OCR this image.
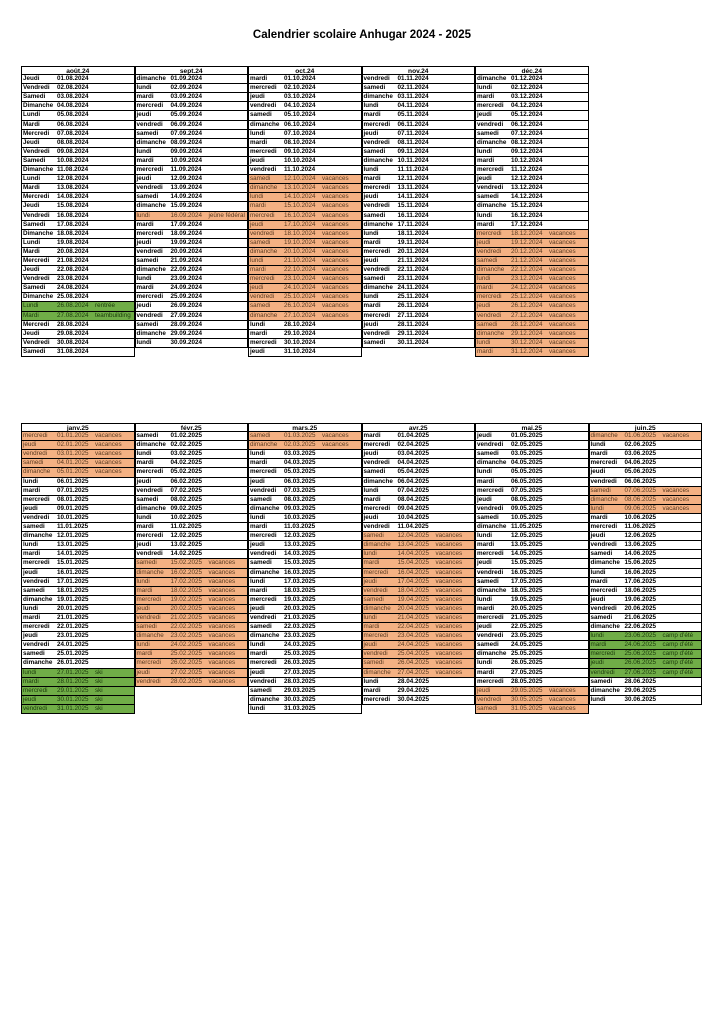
Calendrier scolaire Anhugar 2024 - 2025
août.24
Jeudi	01.08.2024
Vendredi	02.08.2024
Samedi	03.08.2024
Dimanche 04.08.2024
Lundi	05.08.2024
Mardi	06.08.2024
Mercredi	07.08.2024
Jeudi	08.08.2024
Vendredi	09.08.2024
Samedi	10.08.2024
Dimanche 11.08.2024
Lundi	12.08.2024
Mardi	13.08.2024
Mercredi	14.08.2024
Jeudi	15.08.2024
Vendredi	16.08.2024
Samedi	17.08.2024
Dimanche 18.08.2024
Lundi	19.08.2024
Mardi	20.08.2024
Mercredi	21.08.2024
Jeudi	22.08.2024
Vendredi	23.08.2024
Samedi	24.08.2024
Dimanche 25.08.2024
Lundi	26.08.2024	rentrée
Mardi	27.08.2024	teambuilding
Mercredi	28.08.2024
Jeudi	29.08.2024
Vendredi	30.08.2024
Samedi	31.08.2024
sept.24
dimanche 01.09.2024
lundi	02.09.2024
mardi	03.09.2024
mercredi	04.09.2024
jeudi	05.09.2024
vendredi	06.09.2024
samedi	07.09.2024
dimanche 08.09.2024
lundi	09.09.2024
mardi	10.09.2024
mercredi	11.09.2024
jeudi	12.09.2024
vendredi	13.09.2024
samedi	14.09.2024
dimanche 15.09.2024
lundi	16.09.2024	jeûne fédéral
mardi	17.09.2024
mercredi	18.09.2024
jeudi	19.09.2024
vendredi	20.09.2024
samedi	21.09.2024
dimanche 22.09.2024
lundi	23.09.2024
mardi	24.09.2024
mercredi	25.09.2024
jeudi	26.09.2024
vendredi	27.09.2024
samedi	28.09.2024
dimanche 29.09.2024
lundi	30.09.2024
oct.24
mardi	01.10.2024
mercredi	02.10.2024
jeudi	03.10.2024
vendredi	04.10.2024
samedi	05.10.2024
dimanche 06.10.2024
lundi	07.10.2024
mardi	08.10.2024
mercredi	09.10.2024
jeudi	10.10.2024
vendredi	11.10.2024
samedi	12.10.2024	vacances
dimanche	13.10.2024	vacances
lundi	14.10.2024	vacances
mardi	15.10.2024	vacances
mercredi	16.10.2024	vacances
jeudi	17.10.2024	vacances
vendredi	18.10.2024	vacances
samedi	19.10.2024	vacances
dimanche	20.10.2024	vacances
lundi	21.10.2024	vacances
mardi	22.10.2024	vacances
mercredi	23.10.2024	vacances
jeudi	24.10.2024	vacances
vendredi	25.10.2024	vacances
samedi	26.10.2024	vacances
dimanche	27.10.2024	vacances
lundi	28.10.2024
mardi	29.10.2024
mercredi	30.10.2024
jeudi	31.10.2024
nov.24
vendredi	01.11.2024
samedi	02.11.2024
dimanche 03.11.2024
lundi	04.11.2024
mardi	05.11.2024
mercredi	06.11.2024
jeudi	07.11.2024
vendredi	08.11.2024
samedi	09.11.2024
dimanche 10.11.2024
lundi	11.11.2024
mardi	12.11.2024
mercredi	13.11.2024
jeudi	14.11.2024
vendredi	15.11.2024
samedi	16.11.2024
dimanche 17.11.2024
lundi	18.11.2024
mardi	19.11.2024
mercredi	20.11.2024
jeudi	21.11.2024
vendredi	22.11.2024
samedi	23.11.2024
dimanche 24.11.2024
lundi	25.11.2024
mardi	26.11.2024
mercredi	27.11.2024
jeudi	28.11.2024
vendredi	29.11.2024
samedi	30.11.2024
déc.24
dimanche 01.12.2024
lundi	02.12.2024
mardi	03.12.2024
mercredi	04.12.2024
jeudi	05.12.2024
vendredi	06.12.2024
samedi	07.12.2024
dimanche 08.12.2024
lundi	09.12.2024
mardi	10.12.2024
mercredi	11.12.2024
jeudi	12.12.2024
vendredi	13.12.2024
samedi	14.12.2024
dimanche 15.12.2024
lundi	16.12.2024
mardi	17.12.2024
mercredi	18.12.2024	vacances
jeudi	19.12.2024	vacances
vendredi	20.12.2024	vacances
samedi	21.12.2024	vacances
dimanche	22.12.2024	vacances
lundi	23.12.2024	vacances
mardi	24.12.2024	vacances
mercredi	25.12.2024	vacances
jeudi	26.12.2024	vacances
vendredi	27.12.2024	vacances
samedi	28.12.2024	vacances
dimanche	29.12.2024	vacances
lundi	30.12.2024	vacances
mardi	31.12.2024	vacances
janv.25
mercredi	01.01.2025	vacances
jeudi	02.01.2025	vacances
vendredi	03.01.2025	vacances
samedi	04.01.2025	vacances
dimanche	05.01.2025	vacances
lundi	06.01.2025
mardi	07.01.2025
mercredi	08.01.2025
jeudi	09.01.2025
vendredi	10.01.2025
samedi	11.01.2025
dimanche 12.01.2025
lundi	13.01.2025
mardi	14.01.2025
mercredi	15.01.2025
jeudi	16.01.2025
vendredi	17.01.2025
samedi	18.01.2025
dimanche 19.01.2025
lundi	20.01.2025
mardi	21.01.2025
mercredi	22.01.2025
jeudi	23.01.2025
vendredi	24.01.2025
samedi	25.01.2025
dimanche 26.01.2025
lundi	27.01.2025	ski
mardi	28.01.2025	ski
mercredi	29.01.2025	ski
jeudi	30.01.2025	ski
vendredi	31.01.2025	ski
févr.25
samedi	01.02.2025
dimanche 02.02.2025
lundi	03.02.2025
mardi	04.02.2025
mercredi	05.02.2025
jeudi	06.02.2025
vendredi	07.02.2025
samedi	08.02.2025
dimanche 09.02.2025
lundi	10.02.2025
mardi	11.02.2025
mercredi	12.02.2025
jeudi	13.02.2025
vendredi	14.02.2025
samedi	15.02.2025	vacances
dimanche	16.02.2025	vacances
lundi	17.02.2025	vacances
mardi	18.02.2025	vacances
mercredi	19.02.2025	vacances
jeudi	20.02.2025	vacances
vendredi	21.02.2025	vacances
samedi	22.02.2025	vacances
dimanche	23.02.2025	vacances
lundi	24.02.2025	vacances
mardi	25.02.2025	vacances
mercredi	26.02.2025	vacances
jeudi	27.02.2025	vacances
vendredi	28.02.2025	vacances
mars.25
samedi	01.03.2025	vacances
dimanche	02.03.2025	vacances
lundi	03.03.2025
mardi	04.03.2025
mercredi	05.03.2025
jeudi	06.03.2025
vendredi	07.03.2025
samedi	08.03.2025
dimanche 09.03.2025
lundi	10.03.2025
mardi	11.03.2025
mercredi	12.03.2025
jeudi	13.03.2025
vendredi	14.03.2025
samedi	15.03.2025
dimanche 16.03.2025
lundi	17.03.2025
mardi	18.03.2025
mercredi	19.03.2025
jeudi	20.03.2025
vendredi	21.03.2025
samedi	22.03.2025
dimanche 23.03.2025
lundi	24.03.2025
mardi	25.03.2025
mercredi	26.03.2025
jeudi	27.03.2025
vendredi	28.03.2025
samedi	29.03.2025
dimanche 30.03.2025
lundi	31.03.2025
avr.25
mardi	01.04.2025
mercredi	02.04.2025
jeudi	03.04.2025
vendredi	04.04.2025
samedi	05.04.2025
dimanche 06.04.2025
lundi	07.04.2025
mardi	08.04.2025
mercredi	09.04.2025
jeudi	10.04.2025
vendredi	11.04.2025
samedi	12.04.2025	vacances
dimanche	13.04.2025	vacances
lundi	14.04.2025	vacances
mardi	15.04.2025	vacances
mercredi	16.04.2025	vacances
jeudi	17.04.2025	vacances
vendredi	18.04.2025	vacances
samedi	19.04.2025	vacances
dimanche	20.04.2025	vacances
lundi	21.04.2025	vacances
mardi	22.04.2025	vacances
mercredi	23.04.2025	vacances
jeudi	24.04.2025	vacances
vendredi	25.04.2025	vacances
samedi	26.04.2025	vacances
dimanche	27.04.2025	vacances
lundi	28.04.2025
mardi	29.04.2025
mercredi	30.04.2025
mai.25
jeudi	01.05.2025
vendredi	02.05.2025
samedi	03.05.2025
dimanche 04.05.2025
lundi	05.05.2025
mardi	06.05.2025
mercredi	07.05.2025
jeudi	08.05.2025
vendredi	09.05.2025
samedi	10.05.2025
dimanche 11.05.2025
lundi	12.05.2025
mardi	13.05.2025
mercredi	14.05.2025
jeudi	15.05.2025
vendredi	16.05.2025
samedi	17.05.2025
dimanche 18.05.2025
lundi	19.05.2025
mardi	20.05.2025
mercredi	21.05.2025
jeudi	22.05.2025
vendredi	23.05.2025
samedi	24.05.2025
dimanche 25.05.2025
lundi	26.05.2025
mardi	27.05.2025
mercredi	28.05.2025
jeudi	29.05.2025	vacances
vendredi	30.05.2025	vacances
samedi	31.05.2025	vacances
juin.25
dimanche	01.06.2025	vacances
lundi	02.06.2025
mardi	03.06.2025
mercredi	04.06.2025
jeudi	05.06.2025
vendredi	06.06.2025
samedi	07.06.2025	vacances
dimanche	08.06.2025	vacances
lundi	09.06.2025	vacances
mardi	10.06.2025
mercredi	11.06.2025
jeudi	12.06.2025
vendredi	13.06.2025
samedi	14.06.2025
dimanche 15.06.2025
lundi	16.06.2025
mardi	17.06.2025
mercredi	18.06.2025
jeudi	19.06.2025
vendredi	20.06.2025
samedi	21.06.2025
dimanche 22.06.2025
lundi	23.06.2025	camp d'été
mardi	24.06.2025	camp d'été
mercredi	25.06.2025	camp d'été
jeudi	26.06.2025	camp d'été
vendredi	27.06.2025	camp d'été
samedi	28.06.2025
dimanche 29.06.2025
lundi	30.06.2025
